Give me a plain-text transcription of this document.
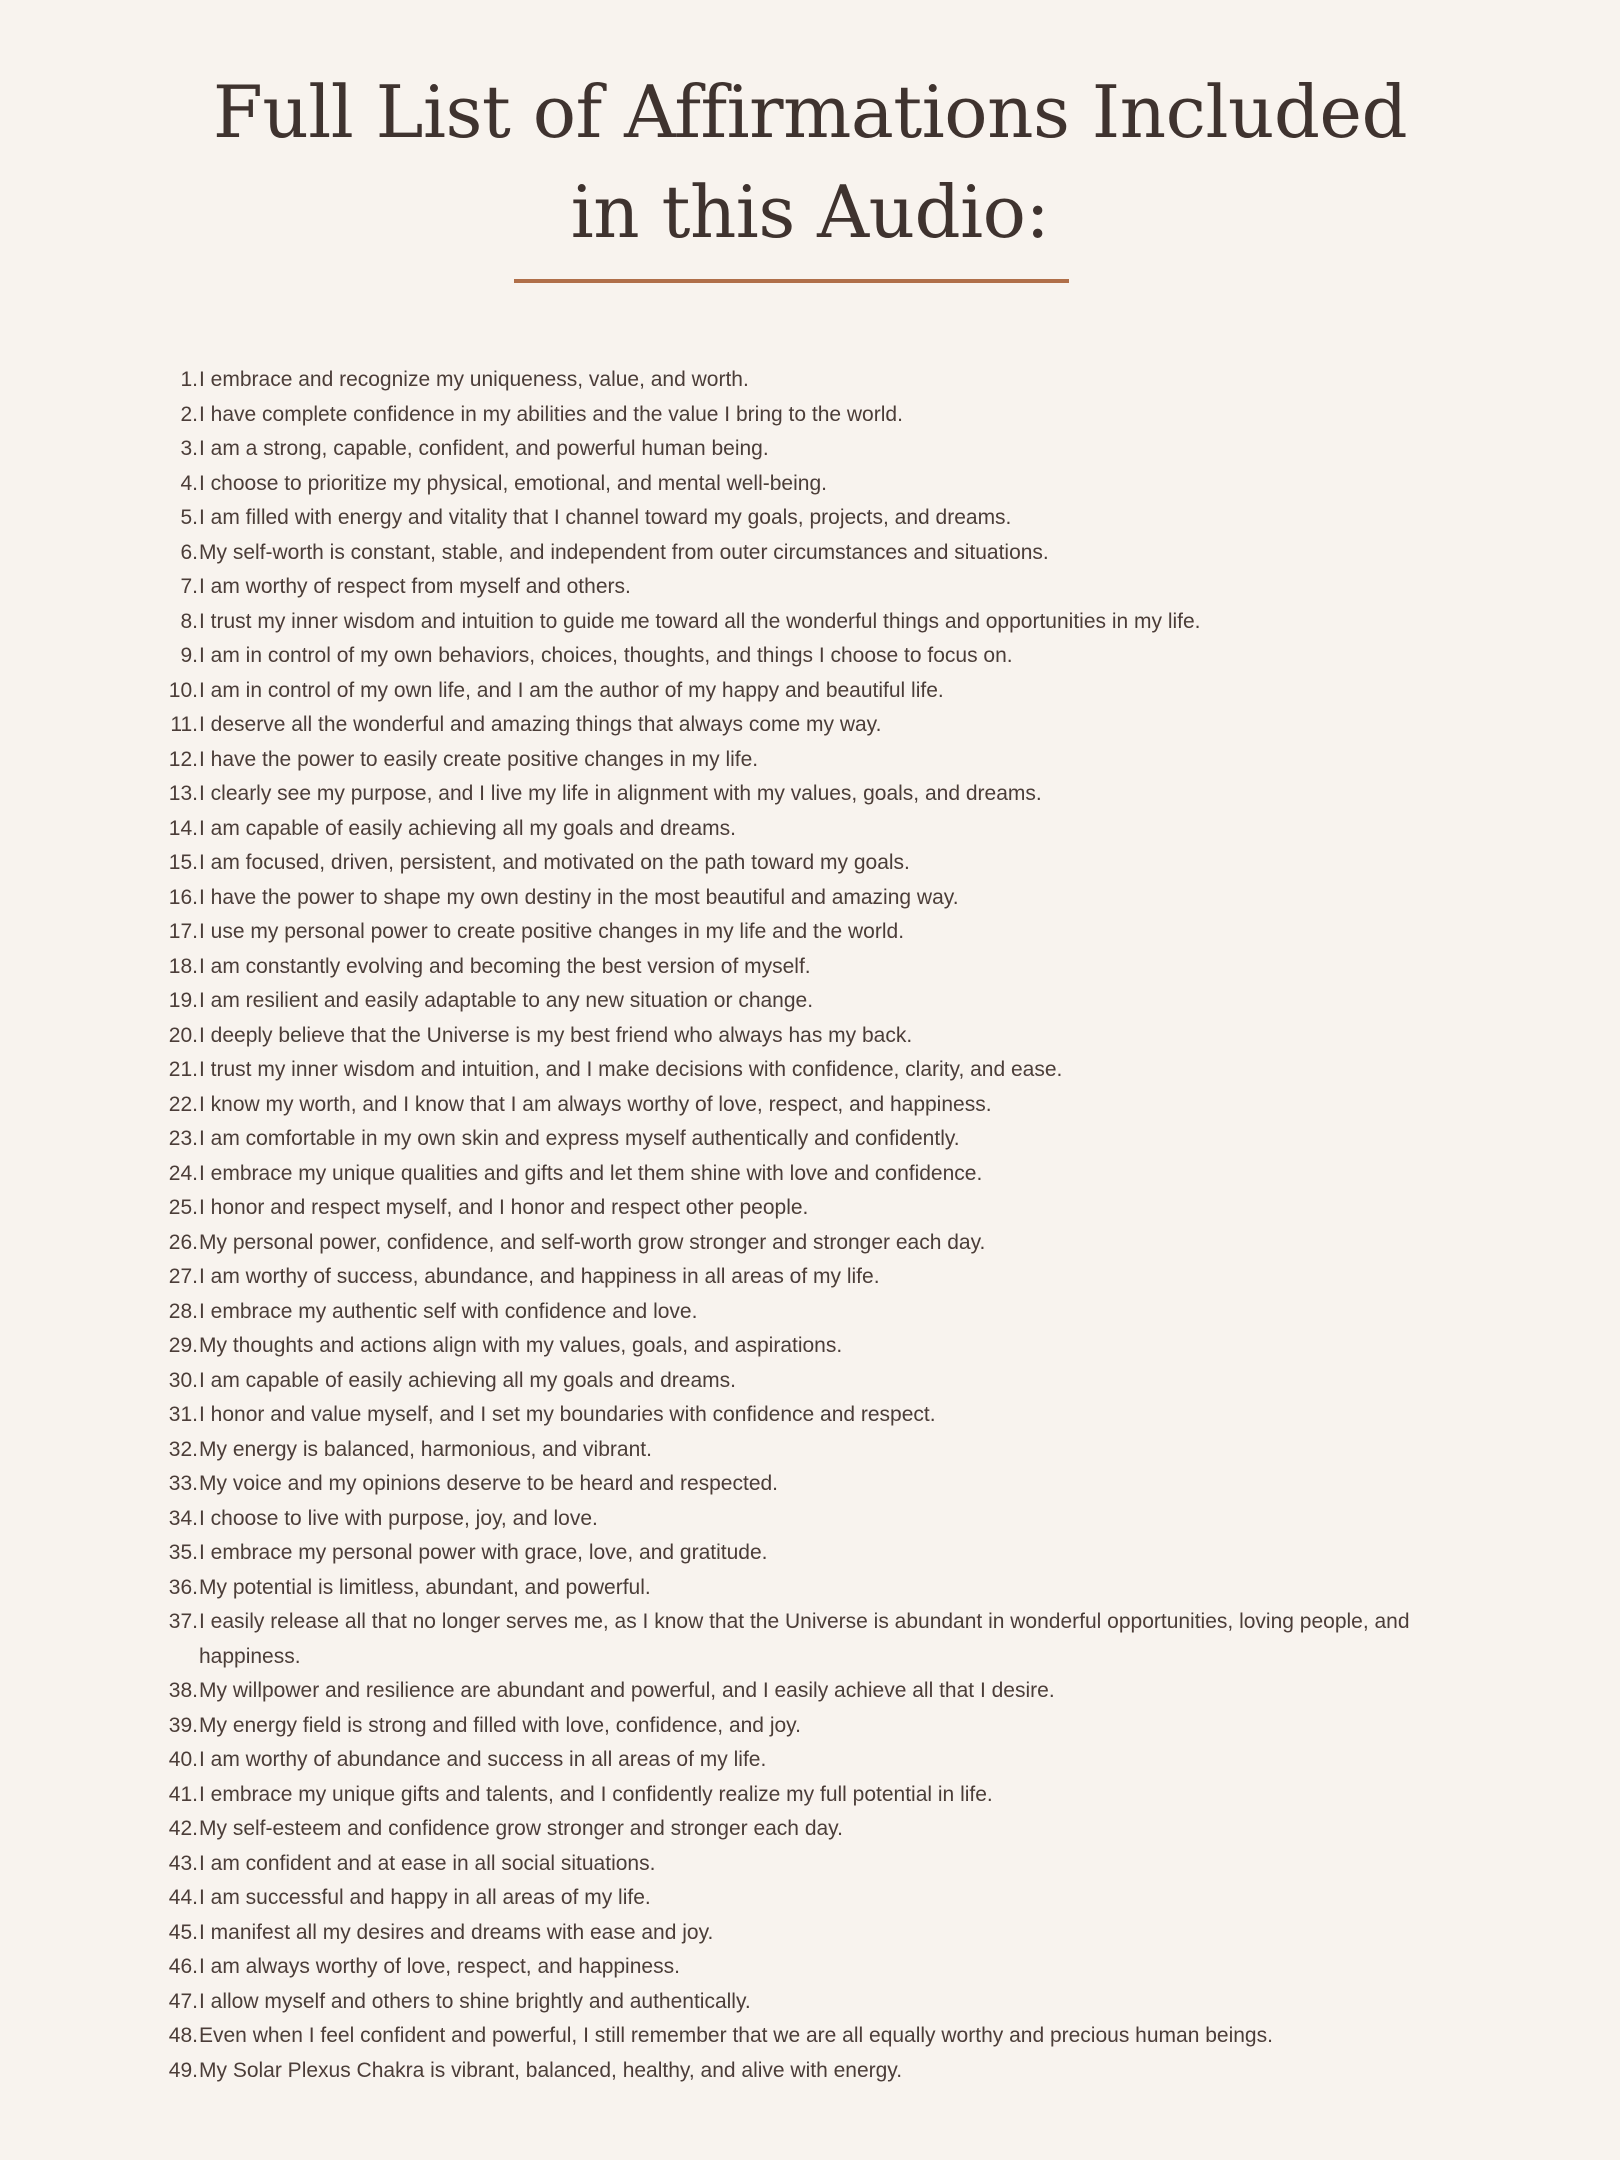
Full List of Affirmations Included
in this Audio:
1. I embrace and recognize my uniqueness, value, and worth.
2. I have complete confidence in my abilities and the value I bring to the world.
3. I am a strong, capable, confident, and powerful human being.
4. I choose to prioritize my physical, emotional, and mental well-being.
5. I am filled with energy and vitality that I channel toward my goals, projects, and dreams.
6. My self-worth is constant, stable, and independent from outer circumstances and situations.
7. I am worthy of respect from myself and others.
8. I trust my inner wisdom and intuition to guide me toward all the wonderful things and opportunities in my life.
9. I am in control of my own behaviors, choices, thoughts, and things I choose to focus on.
10. I am in control of my own life, and I am the author of my happy and beautiful life.
11. I deserve all the wonderful and amazing things that always come my way.
12. I have the power to easily create positive changes in my life.
13. I clearly see my purpose, and I live my life in alignment with my values, goals, and dreams.
14. I am capable of easily achieving all my goals and dreams.
15. I am focused, driven, persistent, and motivated on the path toward my goals.
16. I have the power to shape my own destiny in the most beautiful and amazing way.
17. I use my personal power to create positive changes in my life and the world.
18. I am constantly evolving and becoming the best version of myself.
19. I am resilient and easily adaptable to any new situation or change.
20. I deeply believe that the Universe is my best friend who always has my back.
21. I trust my inner wisdom and intuition, and I make decisions with confidence, clarity, and ease.
22. I know my worth, and I know that I am always worthy of love, respect, and happiness.
23. I am comfortable in my own skin and express myself authentically and confidently.
24. I embrace my unique qualities and gifts and let them shine with love and confidence.
25. I honor and respect myself, and I honor and respect other people.
26. My personal power, confidence, and self-worth grow stronger and stronger each day.
27. I am worthy of success, abundance, and happiness in all areas of my life.
28. I embrace my authentic self with confidence and love.
29. My thoughts and actions align with my values, goals, and aspirations.
30. I am capable of easily achieving all my goals and dreams.
31. I honor and value myself, and I set my boundaries with confidence and respect.
32. My energy is balanced, harmonious, and vibrant.
33. My voice and my opinions deserve to be heard and respected.
34. I choose to live with purpose, joy, and love.
35. I embrace my personal power with grace, love, and gratitude.
36. My potential is limitless, abundant, and powerful.
37. I easily release all that no longer serves me, as I know that the Universe is abundant in wonderful opportunities, loving people, and happiness.
38. My willpower and resilience are abundant and powerful, and I easily achieve all that I desire.
39. My energy field is strong and filled with love, confidence, and joy.
40. I am worthy of abundance and success in all areas of my life.
41. I embrace my unique gifts and talents, and I confidently realize my full potential in life.
42. My self-esteem and confidence grow stronger and stronger each day.
43. I am confident and at ease in all social situations.
44. I am successful and happy in all areas of my life.
45. I manifest all my desires and dreams with ease and joy.
46. I am always worthy of love, respect, and happiness.
47. I allow myself and others to shine brightly and authentically.
48. Even when I feel confident and powerful, I still remember that we are all equally worthy and precious human beings.
49. My Solar Plexus Chakra is vibrant, balanced, healthy, and alive with energy.
